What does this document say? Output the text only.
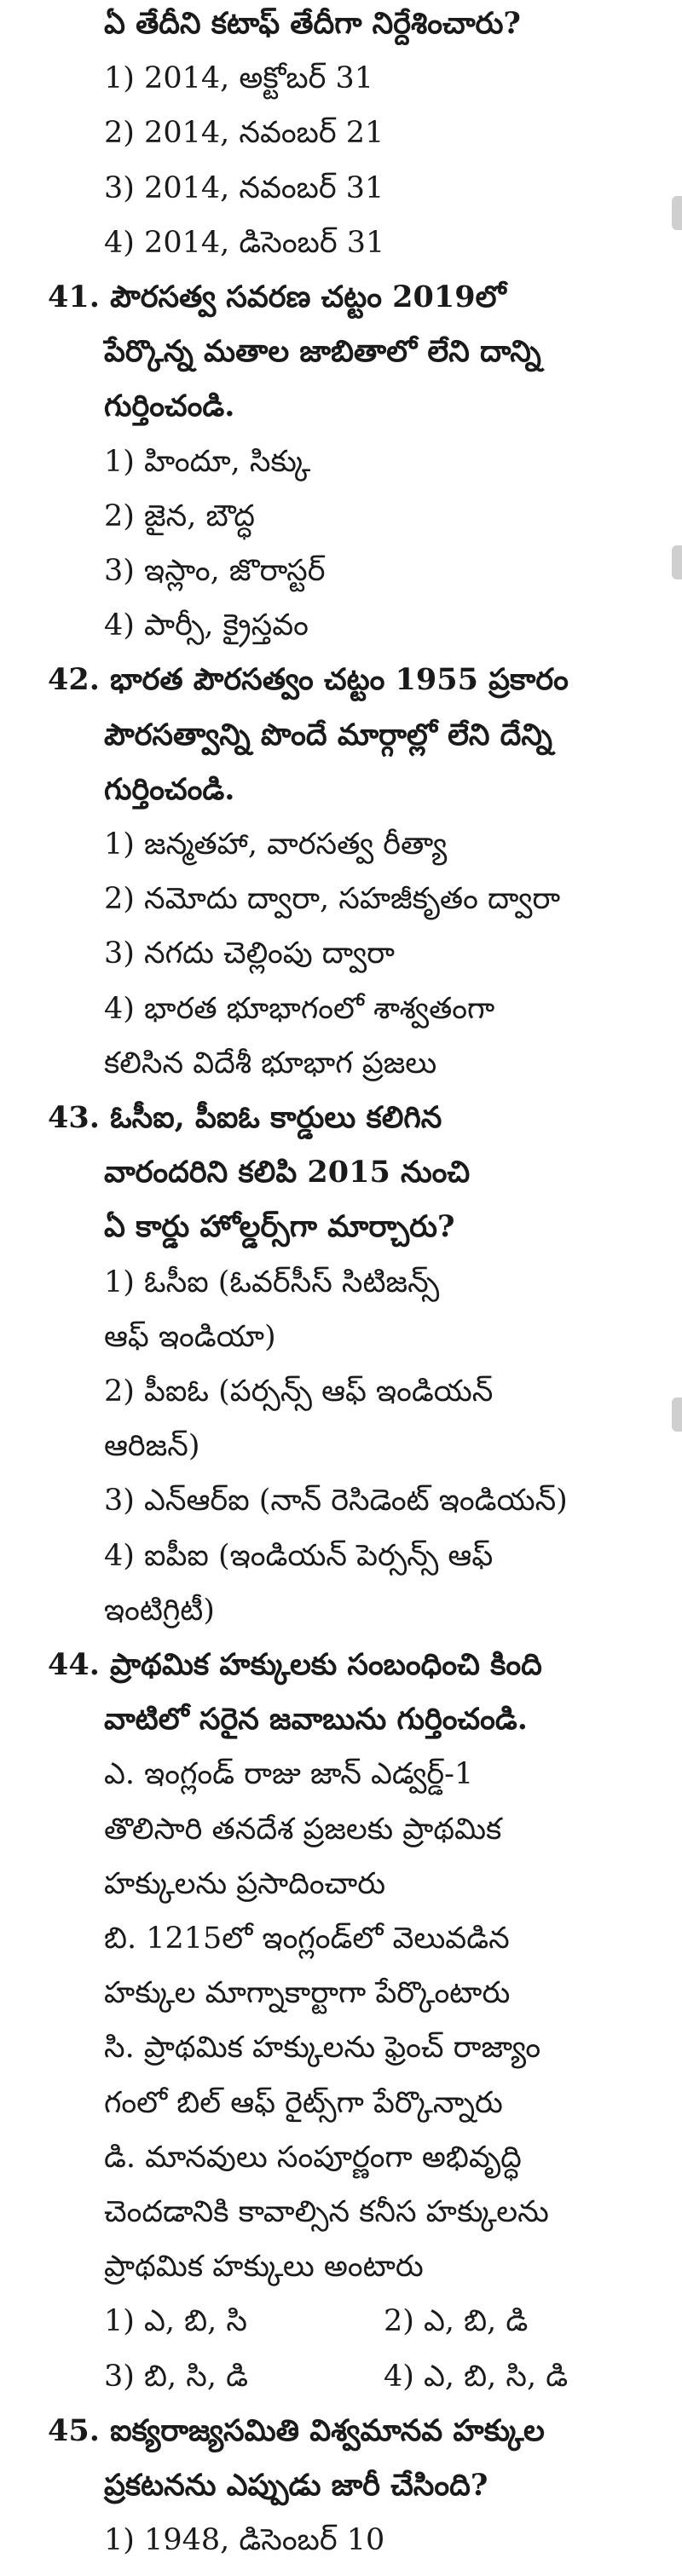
ఏ తేదీని కటాఫ్ తేదీగా నిర్దేశించారు?
1) 2014, అక్టోబర్ 31
2) 2014, నవంబర్ 21
3) 2014, నవంబర్ 31
4) 2014, డిసెంబర్ 31
41. పౌరసత్వ సవరణ చట్టం 2019లో
పేర్కొన్న మతాల జాబితాలో లేని దాన్ని
గుర్తించండి.
1) హిందూ, సిక్కు
2) జైన, బౌద్ధ
3) ఇస్లాం, జొరాస్టర్
4) పార్సీ, క్రైస్తవం
42. భారత పౌరసత్వం చట్టం 1955 ప్రకారం
పౌరసత్వాన్ని పొందే మార్గాల్లో లేని దేన్ని
గుర్తించండి.
1) జన్మతహా, వారసత్వ రీత్యా
2) నమోదు ద్వారా, సహజీకృతం ద్వారా
3) నగదు చెల్లింపు ద్వారా
4) భారత భూభాగంలో శాశ్వతంగా
కలిసిన విదేశీ భూభాగ ప్రజలు
43. ఓసీఐ, పీఐఓ కార్డులు కలిగిన
వారందరిని కలిపి 2015 నుంచి
ఏ కార్డు హోల్డర్స్‌గా మార్చారు?
1) ఓసీఐ (ఓవర్‌సీస్ సిటిజన్స్
ఆఫ్ ఇండియా)
2) పీఐఓ (పర్సన్స్ ఆఫ్ ఇండియన్
ఆరిజన్)
3) ఎన్ఆర్ఐ (నాన్ రెసిడెంట్ ఇండియన్)
4) ఐపీఐ (ఇండియన్ పెర్సన్స్ ఆఫ్
ఇంటిగ్రిటీ)
44. ప్రాథమిక హక్కులకు సంబంధించి కింది
వాటిలో సరైన జవాబును గుర్తించండి.
ఎ. ఇంగ్లండ్ రాజు జాన్ ఎడ్వర్డ్-1
తొలిసారి తనదేశ ప్రజలకు ప్రాథమిక
హక్కులను ప్రసాదించారు
బి. 1215లో ఇంగ్లండ్‌లో వెలువడిన
హక్కుల మాగ్నాకార్టాగా పేర్కొంటారు
సి. ప్రాథమిక హక్కులను ఫ్రెంచ్ రాజ్యాం
గంలో బిల్ ఆఫ్ రైట్స్‌గా పేర్కొన్నారు
డి. మానవులు సంపూర్ణంగా అభివృద్ధి
చెందడానికి కావాల్సిన కనీస హక్కులను
ప్రాథమిక హక్కులు అంటారు
1) ఎ, బి, సి	2) ఎ, బి, డి
3) బి, సి, డి	4) ఎ, బి, సి, డి
45. ఐక్యరాజ్యసమితి విశ్వమానవ హక్కుల
ప్రకటనను ఎప్పుడు జారీ చేసింది?
1) 1948, డిసెంబర్ 10
